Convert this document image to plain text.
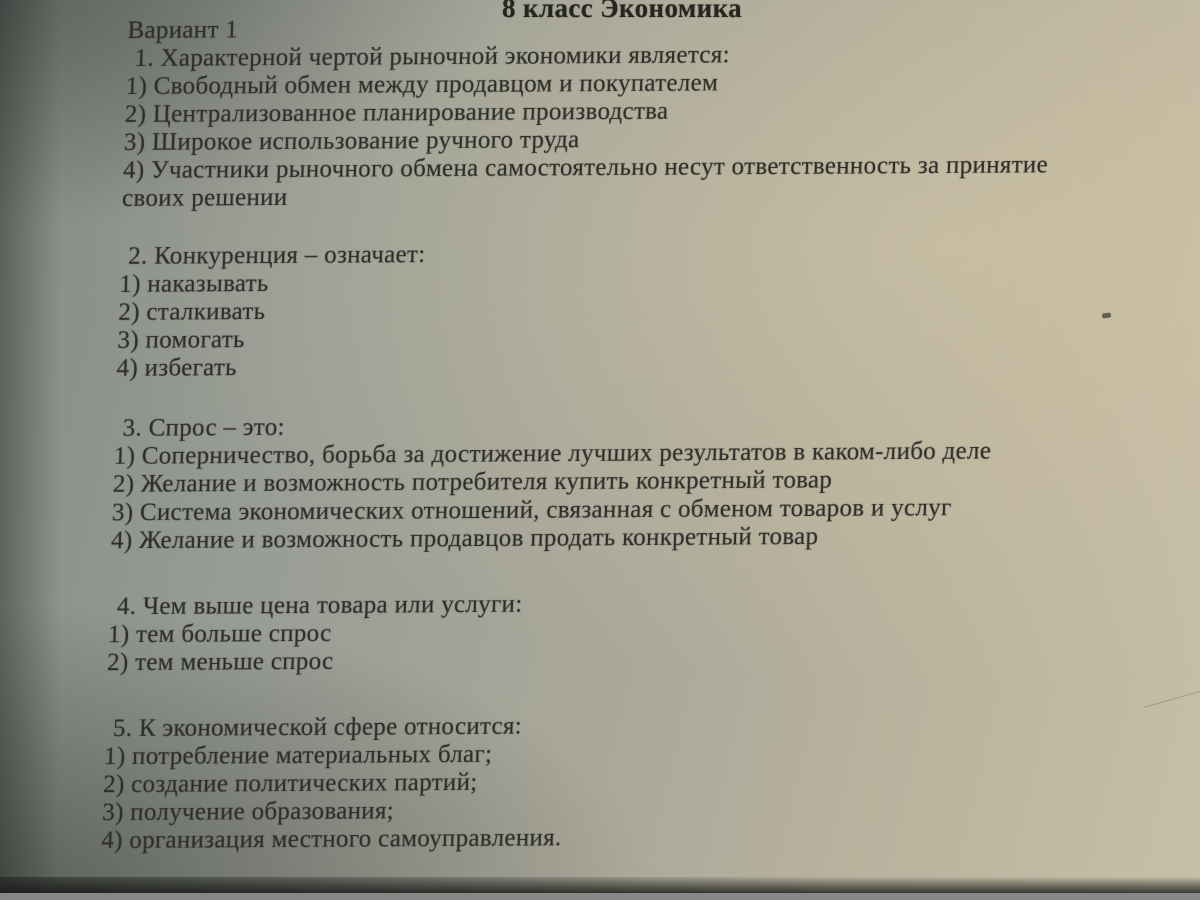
8 класс Экономика
Вариант 1
1. Характерной чертой рыночной экономики является:
1) Свободный обмен между продавцом и покупателем
2) Централизованное планирование производства
3) Широкое использование ручного труда
4) Участники рыночного обмена самостоятельно несут ответственность за принятие своих решении
2. Конкуренция – означает:
1) наказывать
2) сталкивать
3) помогать
4) избегать
3. Спрос – это:
1) Соперничество, борьба за достижение лучших результатов в каком-либо деле
2) Желание и возможность потребителя купить конкретный товар
3) Система экономических отношений, связанная с обменом товаров и услуг
4) Желание и возможность продавцов продать конкретный товар
4. Чем выше цена товара или услуги:
1) тем больше спрос
2) тем меньше спрос
5. К экономической сфере относится:
1) потребление материальных благ;
2) создание политических партий;
3) получение образования;
4) организация местного самоуправления.
